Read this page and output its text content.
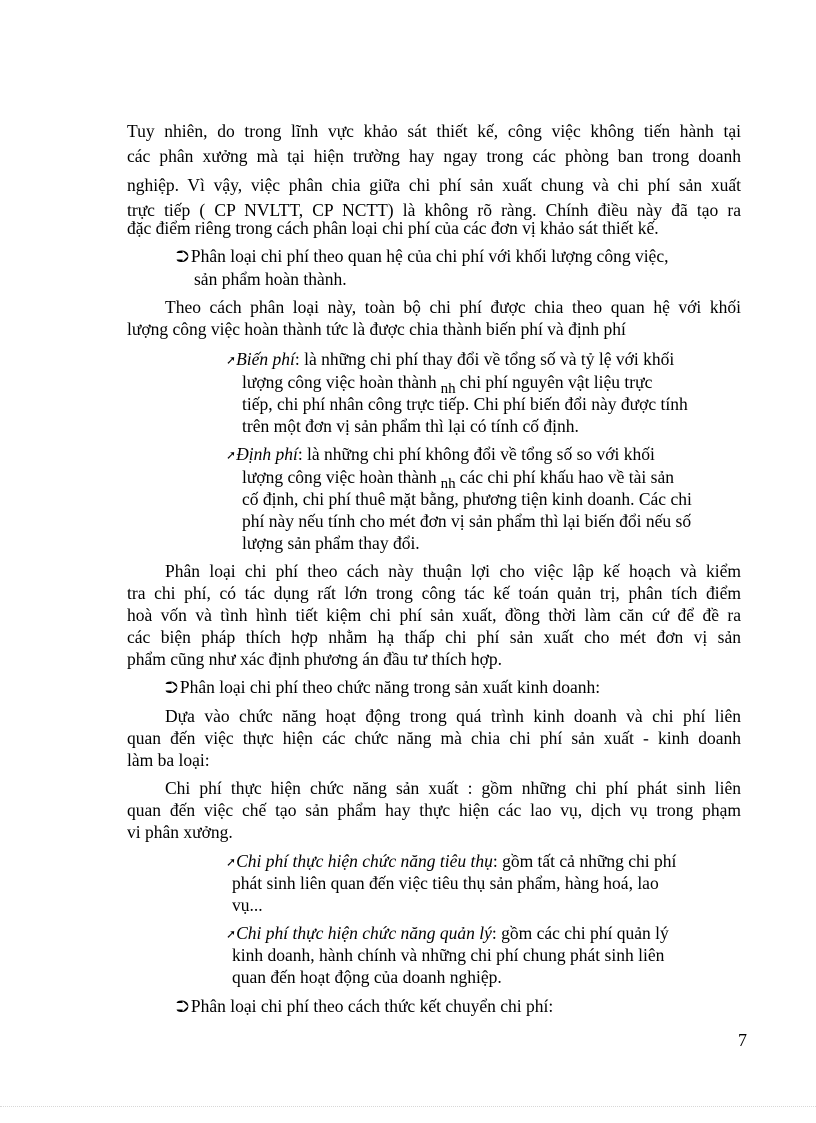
Tuy nhiên, do trong lĩnh vực khảo sát thiết kế, công việc không tiến hành tại
các phân xưởng mà tại hiện trường hay ngay trong các phòng ban trong doanh
nghiệp. Vì vậy, việc phân chia giữa chi phí sản xuất chung và chi phí sản xuất
trực tiếp ( CP NVLTT, CP NCTT) là không rõ ràng. Chính điều này đã tạo ra
đặc điểm riêng trong cách phân loại chi phí của các đơn vị khảo sát thiết kế.
⮊ Phân loại chi phí theo quan hệ của chi phí với khối lượng công việc,
sản phẩm hoàn thành.
Theo cách phân loại này, toàn bộ chi phí được chia theo quan hệ với khối
lượng công việc hoàn thành tức là được chia thành biến phí và định phí
➚Biến phí: là những chi phí thay đổi về tổng số và tỷ lệ với khối
lượng công việc hoàn thành nh chi phí nguyên vật liệu trực
tiếp, chi phí nhân công trực tiếp. Chi phí biến đổi này được tính
trên một đơn vị sản phẩm thì lại có tính cố định.
➚Định phí: là những chi phí không đổi về tổng số so với khối
lượng công việc hoàn thành nh các chi phí khấu hao về tài sản
cố định, chi phí thuê mặt bằng, phương tiện kinh doanh. Các chi
phí này nếu tính cho mét đơn vị sản phẩm thì lại biến đổi nếu số
lượng sản phẩm thay đổi.
Phân loại chi phí theo cách này thuận lợi cho việc lập kế hoạch và kiểm
tra chi phí, có tác dụng rất lớn trong công tác kế toán quản trị, phân tích điểm
hoà vốn và tình hình tiết kiệm chi phí sản xuất, đồng thời làm căn cứ để đề ra
các biện pháp thích hợp nhằm hạ thấp chi phí sản xuất cho mét đơn vị sản
phẩm cũng như xác định phương án đầu tư thích hợp.
⮊ Phân loại chi phí theo chức năng trong sản xuất kinh doanh:
Dựa vào chức năng hoạt động trong quá trình kinh doanh và chi phí liên
quan đến việc thực hiện các chức năng mà chia chi phí sản xuất - kinh doanh
làm ba loại:
Chi phí thực hiện chức năng sản xuất : gồm những chi phí phát sinh liên
quan đến việc chế tạo sản phẩm hay thực hiện các lao vụ, dịch vụ trong phạm
vi phân xưởng.
➚Chi phí thực hiện chức năng tiêu thụ: gồm tất cả những chi phí
phát sinh liên quan đến việc tiêu thụ sản phẩm, hàng hoá, lao
vụ...
➚Chi phí thực hiện chức năng quản lý: gồm các chi phí quản lý
kinh doanh, hành chính và những chi phí chung phát sinh liên
quan đến hoạt động của doanh nghiệp.
⮊ Phân loại chi phí theo cách thức kết chuyển chi phí:
7
